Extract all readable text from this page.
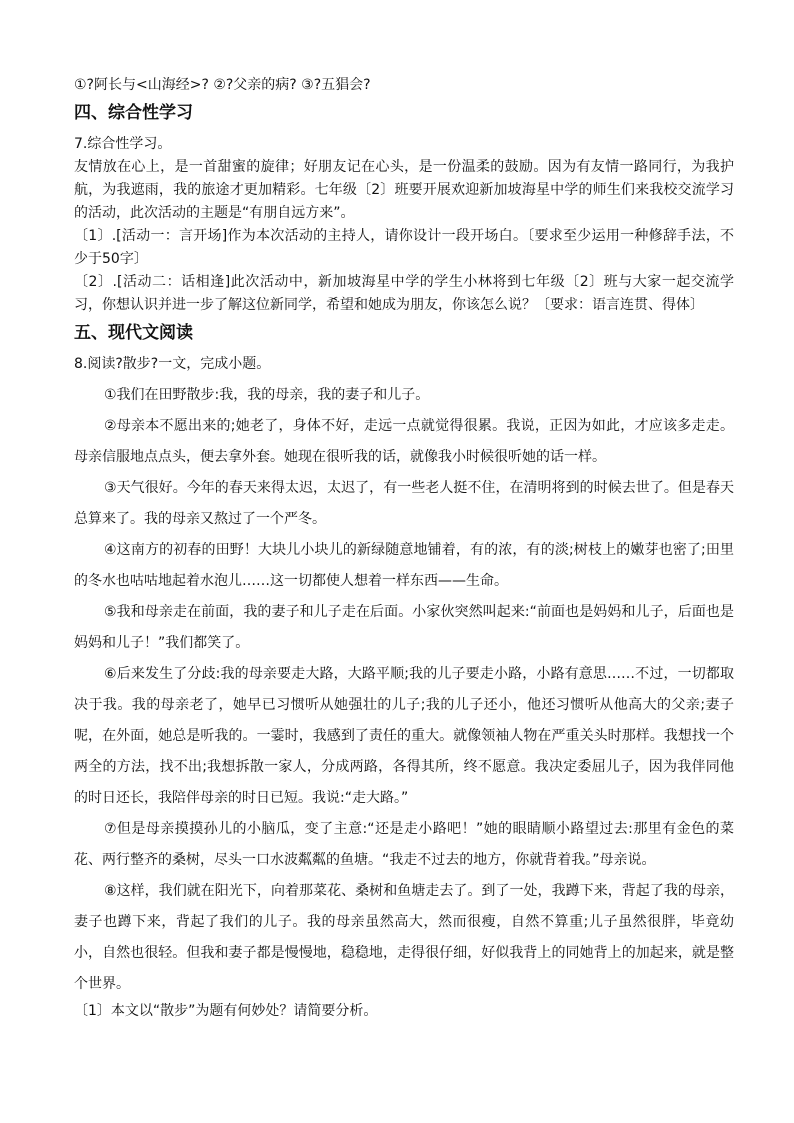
①?阿长与<山海经>? ②?父亲的病? ③?五猖会?

四、综合性学习

7.综合性学习。

友情放在心上，是一首甜蜜的旋律；好朋友记在心头，是一份温柔的鼓励。因为有友情一路同行，为我护航，为我遮雨，我的旅途才更加精彩。七年级〔2〕班要开展欢迎新加坡海星中学的师生们来我校交流学习的活动，此次活动的主题是“有朋自远方来”。

〔1〕.[活动一：言开场]作为本次活动的主持人，请你设计一段开场白。〔要求至少运用一种修辞手法，不少于50字〕

〔2〕.[活动二：话相逢]此次活动中，新加坡海星中学的学生小林将到七年级〔2〕班与大家一起交流学习，你想认识并进一步了解这位新同学，希望和她成为朋友，你该怎么说？〔要求：语言连贯、得体〕

五、现代文阅读

8.阅读?散步?一文，完成小题。

①我们在田野散步:我，我的母亲，我的妻子和儿子。

②母亲本不愿出来的;她老了，身体不好，走远一点就觉得很累。我说，正因为如此，才应该多走走。母亲信服地点点头，便去拿外套。她现在很听我的话，就像我小时候很听她的话一样。

③天气很好。今年的春天来得太迟，太迟了，有一些老人挺不住，在清明将到的时候去世了。但是春天总算来了。我的母亲又熬过了一个严冬。

④这南方的初春的田野！大块儿小块儿的新绿随意地铺着，有的浓，有的淡;树枝上的嫩芽也密了;田里的冬水也咕咕地起着水泡儿……这一切都使人想着一样东西——生命。

⑤我和母亲走在前面，我的妻子和儿子走在后面。小家伙突然叫起来:“前面也是妈妈和儿子，后面也是妈妈和儿子！”我们都笑了。

⑥后来发生了分歧:我的母亲要走大路，大路平顺;我的儿子要走小路，小路有意思……不过，一切都取决于我。我的母亲老了，她早已习惯听从她强壮的儿子;我的儿子还小，他还习惯听从他高大的父亲;妻子呢，在外面，她总是听我的。一霎时，我感到了责任的重大。就像领袖人物在严重关头时那样。我想找一个两全的方法，找不出;我想拆散一家人，分成两路，各得其所，终不愿意。我决定委屈儿子，因为我伴同他的时日还长，我陪伴母亲的时日已短。我说:“走大路。”

⑦但是母亲摸摸孙儿的小脑瓜，变了主意:“还是走小路吧！”她的眼睛顺小路望过去:那里有金色的菜花、两行整齐的桑树，尽头一口水波粼粼的鱼塘。“我走不过去的地方，你就背着我。”母亲说。

⑧这样，我们就在阳光下，向着那菜花、桑树和鱼塘走去了。到了一处，我蹲下来，背起了我的母亲，妻子也蹲下来，背起了我们的儿子。我的母亲虽然高大，然而很瘦，自然不算重;儿子虽然很胖，毕竟幼小，自然也很轻。但我和妻子都是慢慢地，稳稳地，走得很仔细，好似我背上的同她背上的加起来，就是整个世界。

〔1〕本文以“散步”为题有何妙处？请简要分析。
